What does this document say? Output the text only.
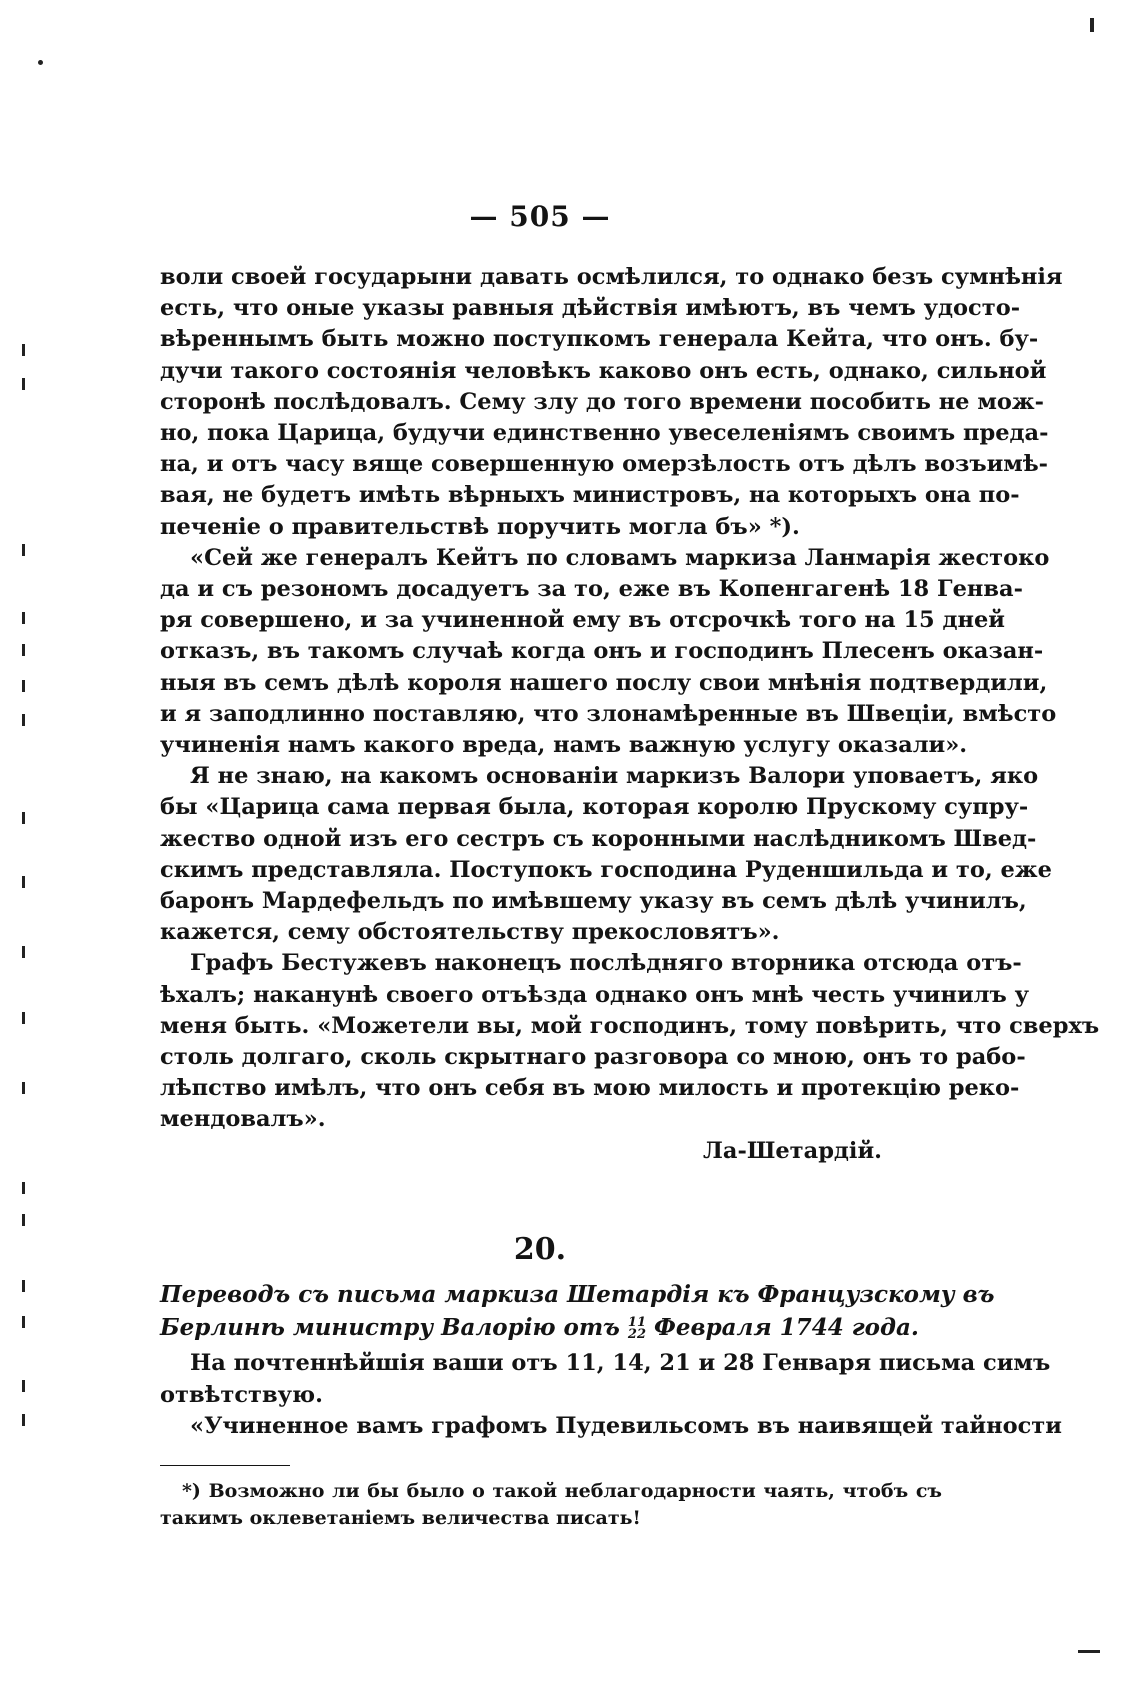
— 505 —
воли своей государыни давать осмѣлился, то однако безъ сумнѣнія
есть, что оные указы равныя дѣйствія имѣютъ, въ чемъ удосто-
вѣреннымъ быть можно поступкомъ генерала Кейта, что онъ. бу-
дучи такого состоянія человѣкъ каково онъ есть, однако, сильной
сторонѣ послѣдовалъ. Сему злу до того времени пособить не мож-
но, пока Царица, будучи единственно увеселеніямъ своимъ преда-
на, и отъ часу вяще совершенную омерзѣлость отъ дѣлъ возъимѣ-
вая, не будетъ имѣть вѣрныхъ министровъ, на которыхъ она по-
печеніе о правительствѣ поручить могла бъ» *).
«Сей же генералъ Кейтъ по словамъ маркиза Ланмарія жестоко
да и съ резономъ досадуетъ за то, еже въ Копенгагенѣ 18 Генва-
ря совершено, и за учиненной ему въ отсрочкѣ того на 15 дней
отказъ, въ такомъ случаѣ когда онъ и господинъ Плесенъ оказан-
ныя въ семъ дѣлѣ короля нашего послу свои мнѣнія подтвердили,
и я заподлинно поставляю, что злонамѣренные въ Швеціи, вмѣсто
учиненія намъ какого вреда, намъ важную услугу оказали».
Я не знаю, на какомъ основаніи маркизъ Валори уповаетъ, яко
бы «Царица сама первая была, которая королю Пруcкому супру-
жество одной изъ его сестръ съ коронными наслѣдникомъ Швед-
скимъ представляла. Поступокъ господина Руденшильда и то, еже
баронъ Мардефельдъ по имѣвшему указу въ семъ дѣлѣ учинилъ,
кажется, сему обстоятельству прекословятъ».
Графъ Бестужевъ наконецъ послѣдняго вторника отсюда отъ-
ѣхалъ; наканунѣ своего отъѣзда однако онъ мнѣ честь учинилъ у
меня быть. «Можетели вы, мой господинъ, тому повѣрить, что сверхъ
столь долгаго, сколь скрытнаго разговора со мною, онъ то рабо-
лѣпство имѣлъ, что онъ себя въ мою милость и протекцію реко-
мендовалъ».
Ла-Шетардій.
20.
Переводъ съ письма маркиза Шетардія къ Французскому въ
Берлинѣ министру Валорію отъ 11
22 Февраля 1744 года.
На почтеннѣйшія ваши отъ 11, 14, 21 и 28 Генваря письма симъ
отвѣтствую.
«Учиненное вамъ графомъ Пудевильсомъ въ наивящей тайности
*) Возможно ли бы было о такой неблагодарности чаять, чтобъ съ
такимъ оклеветаніемъ величества писать!
